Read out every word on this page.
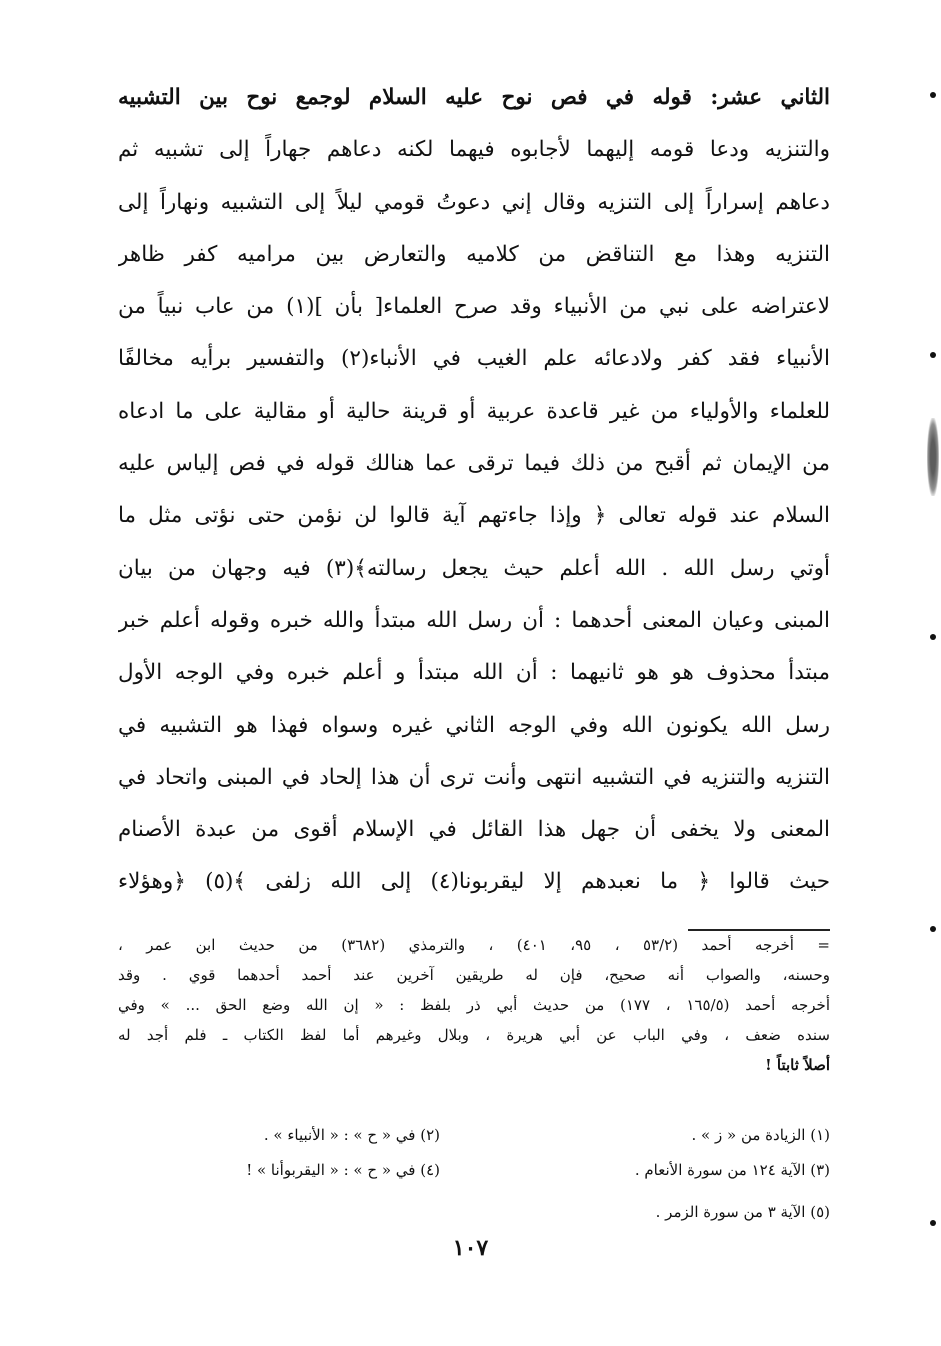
الثاني عشر: قوله في فص نوح عليه السلام لوجمع نوح بين التشبيه
والتنزيه ودعا قومه إليهما لأجابوه فيهما لكنه دعاهم جهاراً إلى تشبيه ثم
دعاهم إسراراً إلى التنزيه وقال إني دعوتُ قومي ليلاً إلى التشبيه ونهاراً إلى
التنزيه وهذا مع التناقض من كلاميه والتعارض بين مراميه كفر ظاهر
لاعتراضه على نبي من الأنبياء وقد صرح العلماء[ بأن ](١) من عاب نبياً من
الأنبياء فقد كفر ولادعائه علم الغيب في الأنباء(٢) والتفسير برأيه مخالفًا
للعلماء والأولياء من غير قاعدة عربية أو قرينة حالية أو مقالية على ما ادعاه
من الإيمان ثم أقبح من ذلك فيما ترقى عما هنالك قوله في فص إلياس عليه
السلام عند قوله تعالى ﴿ وإذا جاءتهم آية قالوا لن نؤمن حتى نؤتى مثل ما
أوتي رسل الله . الله أعلم حيث يجعل رسالته﴾(٣) فيه وجهان من بيان
المبنى وعيان المعنى أحدهما : أن رسل الله مبتدأ والله خبره وقوله أعلم خبر
مبتدأ محذوف هو هو ثانيهما : أن الله مبتدأ و أعلم خبره وفي الوجه الأول
رسل الله يكونون الله وفي الوجه الثاني غيره وسواه فهذا هو التشبيه في
التنزيه والتنزيه في التشبيه انتهى وأنت ترى أن هذا إلحاد في المبنى واتحاد في
المعنى ولا يخفى أن جهل هذا القائل في الإسلام أقوى من عبدة الأصنام
حيث قالوا ﴿ ما نعبدهم إلا ليقربونا(٤) إلى الله زلفى ﴾(٥) ﴿وهؤلاء
= أخرجه أحمد (٥٣/٢ ، ٩٥، ٤٠١) ، والترمذي (٣٦٨٢) من حديث ابن عمر ،
وحسنه، والصواب أنه صحيح، فإن له طريقين آخرين عند أحمد أحدهما قوي . وقد
أخرجه أحمد (١٦٥/٥ ، ١٧٧) من حديث أبي ذر بلفظ : « إن الله وضع الحق ... » وفي
سنده ضعف ، وفي الباب عن أبي هريرة ، وبلال وغيرهم أما لفظ الكتاب ـ فلم أجد له
أصلاً ثابتاً !
(١) الزيادة من « ز » .
(٢) في « ح » : « الأنبياء » .
(٣) الآية ١٢٤ من سورة الأنعام .
(٤) في « ح » : « اليقربوأنا » !
(٥) الآية ٣ من سورة الزمر .
١٠٧
